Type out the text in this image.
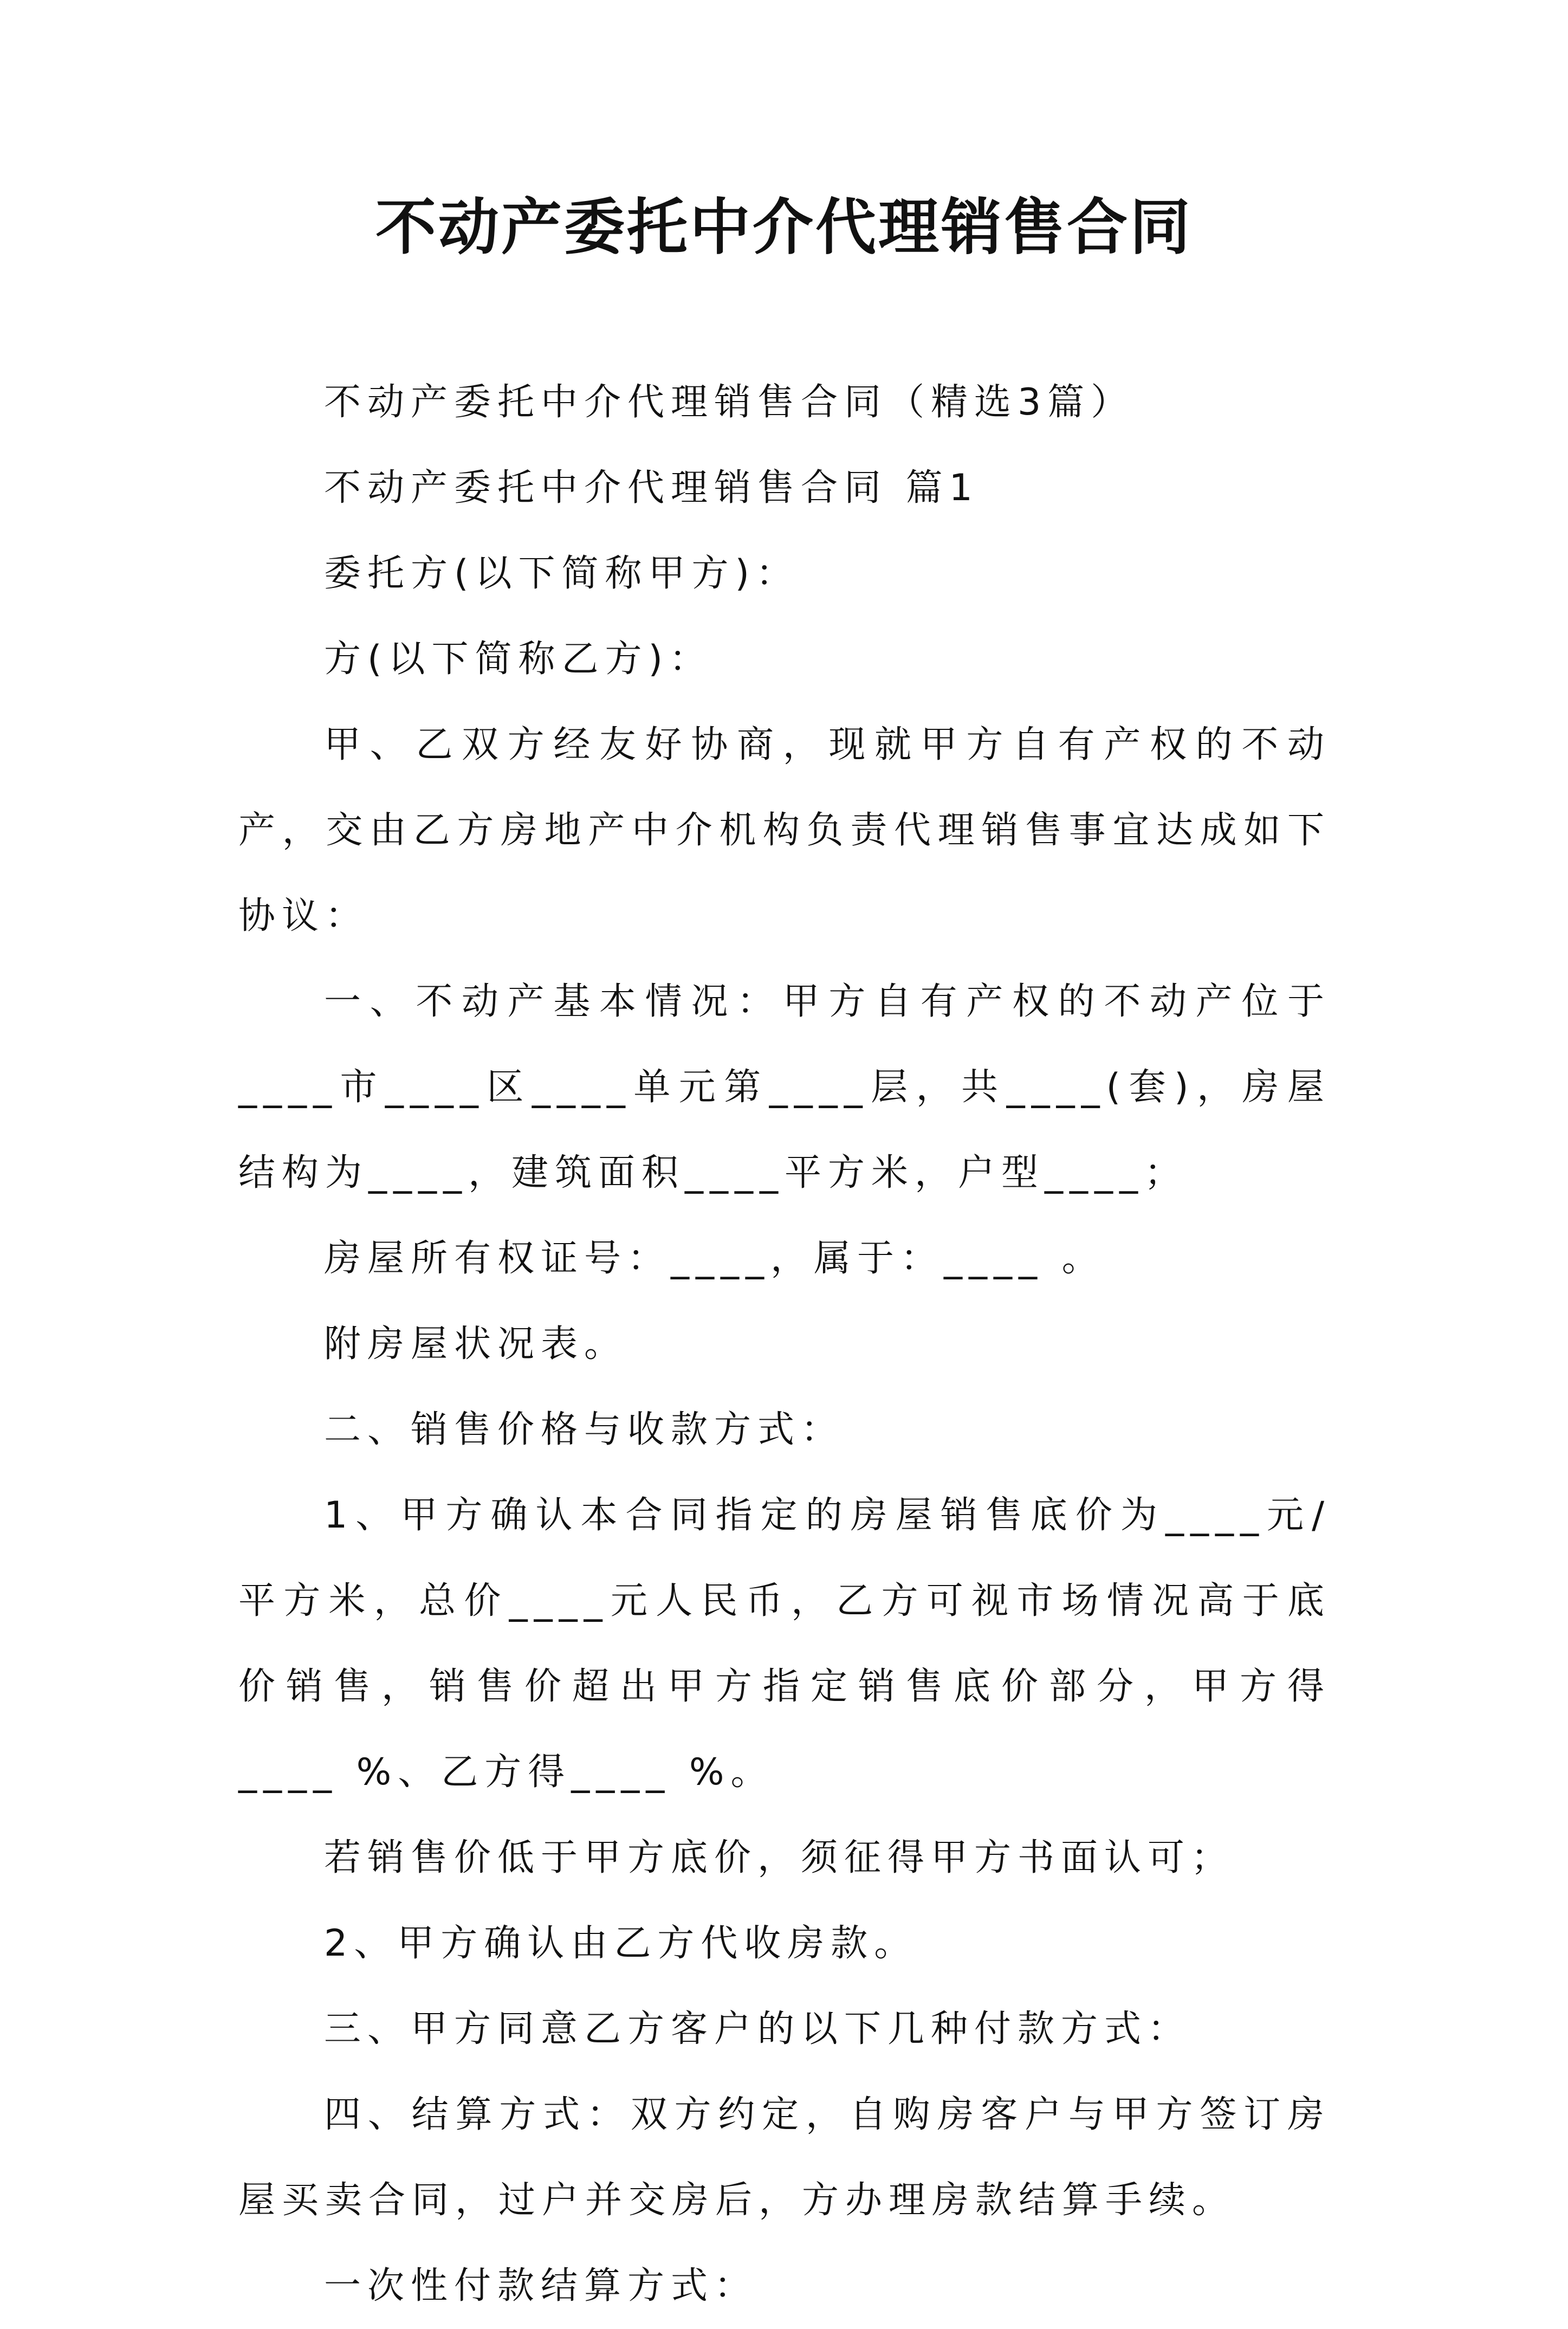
不动产委托中介代理销售合同

不动产委托中介代理销售合同（精选3篇）

不动产委托中介代理销售合同 篇1

委托方(以下简称甲方)：

方(以下简称乙方)：

甲、乙双方经友好协商，现就甲方自有产权的不动产，交由乙方房地产中介机构负责代理销售事宜达成如下协议：

一、不动产基本情况：甲方自有产权的不动产位于____市____区____单元第____层，共____(套)，房屋结构为____，建筑面积____平方米，户型____；

房屋所有权证号：____，属于：____ 。

附房屋状况表。

二、销售价格与收款方式：

1、甲方确认本合同指定的房屋销售底价为____元/平方米，总价____元人民币，乙方可视市场情况高于底价销售，销售价超出甲方指定销售底价部分，甲方得____ %、乙方得____ %。

若销售价低于甲方底价，须征得甲方书面认可；

2、甲方确认由乙方代收房款。

三、甲方同意乙方客户的以下几种付款方式：

四、结算方式：双方约定，自购房客户与甲方签订房屋买卖合同，过户并交房后，方办理房款结算手续。

一次性付款结算方式：
